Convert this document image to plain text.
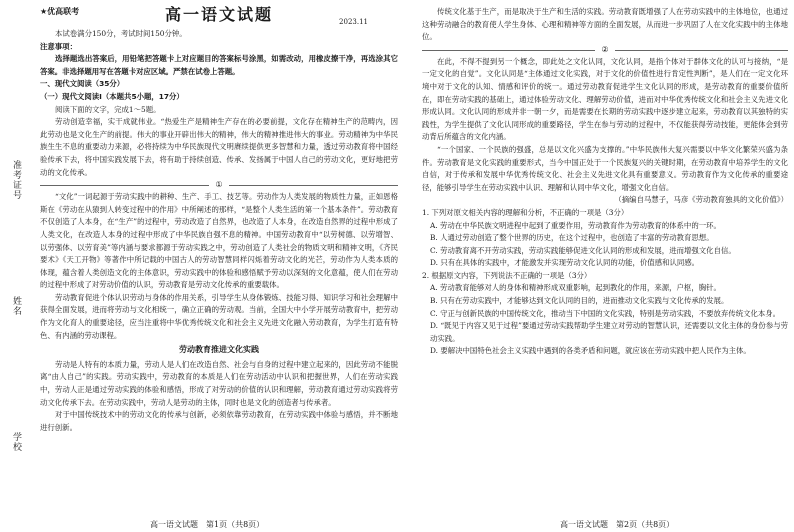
准考证号
姓名
学校
★优高联考	高一语文试题	2023.11

本试卷满分150分，考试时间150分钟。

注意事项：

选择题选出答案后，用铅笔把答题卡上对应题目的答案标号涂黑，如需改动，用橡皮擦干净，再选涂其它答案。非选择题用写在答题卡对应区域。严禁在试卷上答题。

一、现代文阅读（35分）

（一）现代文阅读Ⅰ（本题共5小题，17分）

阅读下面的文字，完成1～5题。

劳动创造幸福，实干成就伟业。“热爱生产是精神生产存在的必要前提，文化存在精神生产的范畴内，因此劳动也是文化生产的前提。伟大的事业开辟出伟大的精神，伟大的精神推进伟大的事业。劳动精神为中华民族生生不息的重要动力来源，必将持续为中华民族现代文明赓续提供更多智慧和力量，透过劳动教育将中国经验传承下去，将中国实践发展下去，将有助于持续创造、传承、发扬属于中国人自己的劳动文化，更好地把劳动的文化传承。

①

“文化”一词起源于劳动实践中的耕种、生产、手工、技艺等。劳动作为人类发展的物质性力量，正如恩格斯在《劳动在从猿到人转变过程中的作用》中所阐述的那样，“是整个人类生活的第一个基本条件”。劳动教育不仅创造了人本身，在“生产”的过程中，劳动改造了自然界，也改造了人本身，在改造自然界的过程中形成了人类文化，在改造人本身的过程中形成了中华民族自强不息的精神。中国劳动教育中“以劳树德、以劳增智、以劳强体、以劳育美”等内涵与要求都源于劳动实践之中，劳动创造了人类社会的物质文明和精神文明，《齐民要术》《天工开物》等著作中所记载的中国古人的劳动智慧同样闪烁着劳动文化的光芒，劳动作为人类本质的体现，蕴含着人类创造文化的主体意识，劳动实践中的体验和感悟赋予劳动以深刻的文化意蕴，使人们在劳动的过程中形成了对劳动价值的认识，劳动教育是劳动文化传承的重要载体。

劳动教育促进个体认识劳动与身体的作用关系，引导学生从身体锻炼、技能习得、知识学习和社会理解中获得全面发展，进而将劳动与文化相统一，确立正确的劳动观。当前，全国大中小学开展劳动教育中，把劳动作为文化育人的重要途径，应当注重将中华优秀传统文化和社会主义先进文化融入劳动教育，为学生打造有特色、有内涵的劳动课程。

劳动教育推进文化实践

劳动是人特有的本质力量，劳动人是人们在改造自然、社会与自身的过程中建立起来的，因此劳动不能脱离“由人自己”的实践。劳动实践中，劳动教育的本质是人们在劳动活动中认识和把握世界，人们在劳动实践中，劳动人正是通过劳动实践的体验和感悟，形成了对劳动的价值的认识和理解，劳动教育通过劳动实践将劳动文化传承下去。在劳动实践中，劳动人是劳动的主体，同时也是文化的创造者与传承者。

对于中国传统技术中的劳动文化的传承与创新，必须依靠劳动教育，在劳动实践中体验与感悟，并不断地进行创新。

传统文化基于生产，而是取决于生产和生活的实践。劳动教育既增强了人在劳动实践中的主体地位，也通过这种劳动融合的教育使人学生身体、心理和精神等方面的全面发展，从而进一步巩固了人在文化实践中的主体地位。

②

在此，不得不提到另一个概念，即此处之文化认同，文化认同，是指个体对于群体文化的认可与接纳，“是一定文化的自觉”。文化认同是“主体通过文化实践，对于文化的价值性进行肯定性判断”，是人们在一定文化环境中对于文化的认知、情感和评价的统一。通过劳动教育促进学生文化认同的形成，是劳动教育的重要价值所在，即在劳动实践的基础上，通过体验劳动文化、理解劳动价值，进而对中华优秀传统文化和社会主义先进文化形成认同。文化认同的形成并非一朝一夕，而是需要在长期的劳动实践中逐步建立起来，劳动教育以其独特的实践性，为学生提供了文化认同形成的重要路径，学生在参与劳动的过程中，不仅能获得劳动技能，更能体会到劳动背后所蕴含的文化内涵。

“一个国家、一个民族的强盛，总是以文化兴盛为支撑的。”中华民族伟大复兴需要以中华文化繁荣兴盛为条件。劳动教育是文化实践的重要形式，当今中国正处于一个民族复兴的关键时期，在劳动教育中培养学生的文化自信，对于传承和发展中华优秀传统文化、社会主义先进文化具有重要意义。劳动教育作为文化传承的重要途径，能够引导学生在劳动实践中认识、理解和认同中华文化，增强文化自信。

（摘编自马慧子，马彦《劳动教育独具的文化价值》）

1. 下列对原文相关内容的理解和分析，不正确的一项是（3分）

A. 劳动在中华民族文明进程中起到了重要作用，劳动教育作为劳动教育的体系中的一环。

B. 人通过劳动创造了整个世界的历史，在这个过程中，也创造了丰富的劳动教育思想。

C. 劳动教育离不开劳动实践，劳动实践能够促进文化认同的形成和发展，进而增强文化自信。

D. 只有在具体的实践中，才能激发并实现劳动文化认同的功能，价值感和认同感。

2. 根据原文内容，下列说法不正确的一项是（3分）

A. 劳动教育能够对人的身体和精神形成双重影响，起到教化的作用，来源，户枢，胸针。

B. 只有在劳动实践中，才能够达到文化认同的目的，进而推动文化实践与文化传承的发展。

C. 守正与创新民族的中国传统文化，推动当下中国的文化实践，特别是劳动实践，不要放弃传统文化本身。

D. “既见于内容又见于过程”要通过劳动实践帮助学生建立对劳动的智慧认识，还需要以文化主体的身份参与劳动实践。

D. 要解决中国特色社会主义实践中遇到的各类矛盾和问题，就应该在劳动实践中把人民作为主体。

高一语文试题　第1页（共8页）	高一语文试题　第2页（共8页）
